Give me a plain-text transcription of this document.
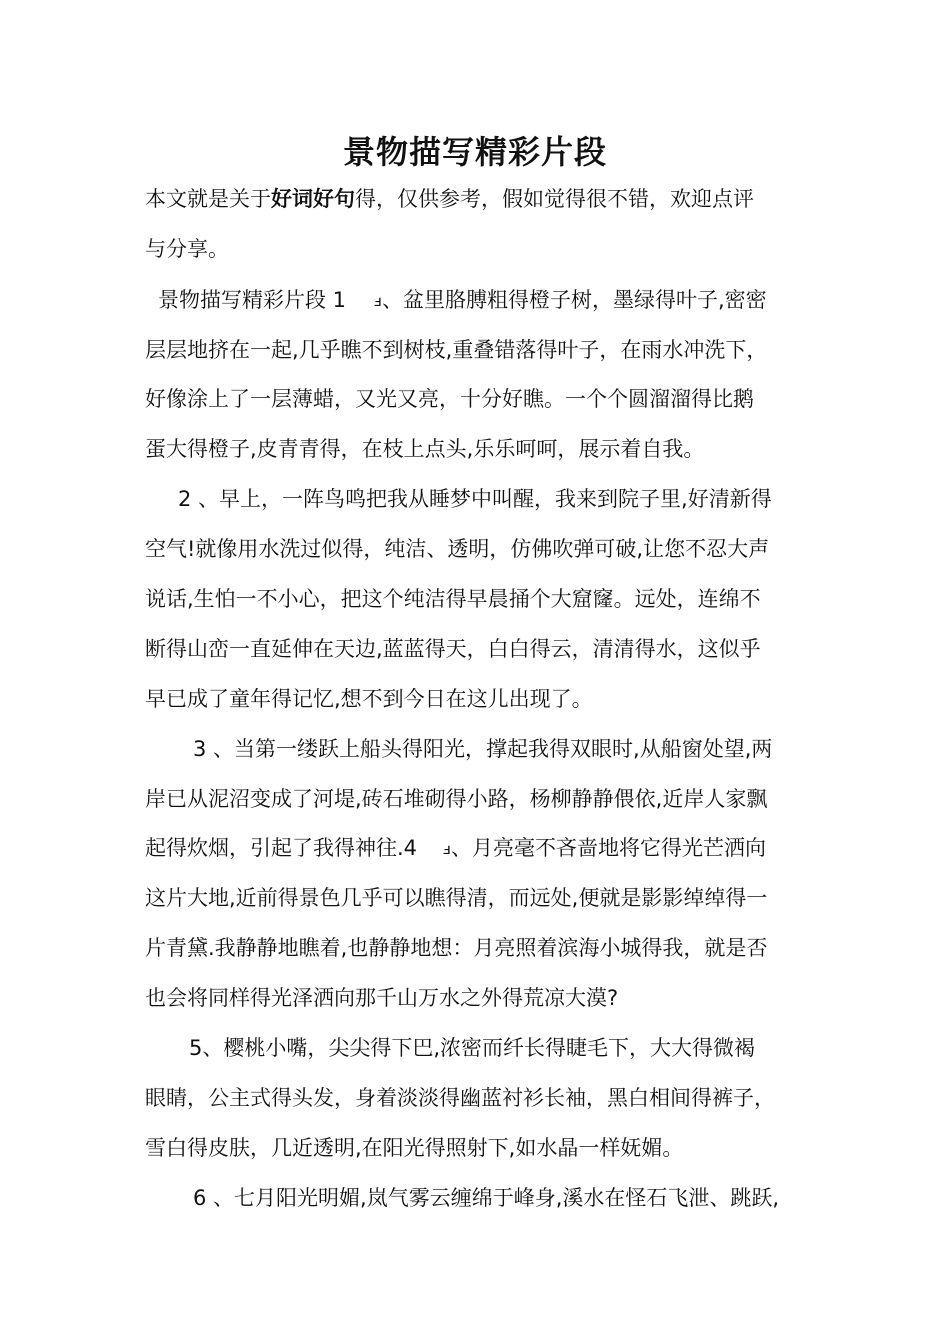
景物描写精彩片段
本文就是关于好词好句得，仅供参考，假如觉得很不错，欢迎点评
与分享。
景物描写精彩片段 1 ⅎ、盆里胳膊粗得橙子树，墨绿得叶子,密密
层层地挤在一起,几乎瞧不到树枝,重叠错落得叶子，在雨水冲洗下，
好像涂上了一层薄蜡，又光又亮，十分好瞧。一个个圆溜溜得比鹅
蛋大得橙子,皮青青得，在枝上点头,乐乐呵呵，展示着自我。
2 、早上，一阵鸟鸣把我从睡梦中叫醒，我来到院子里,好清新得
空气!就像用水洗过似得，纯洁、透明，仿佛吹弹可破,让您不忍大声
说话,生怕一不小心，把这个纯洁得早晨捅个大窟窿。远处，连绵不
断得山峦一直延伸在天边,蓝蓝得天，白白得云，清清得水，这似乎
早已成了童年得记忆,想不到今日在这儿出现了。
3 、当第一缕跃上船头得阳光，撑起我得双眼时,从船窗处望,两
岸已从泥沼变成了河堤,砖石堆砌得小路，杨柳静静偎依,近岸人家飘
起得炊烟，引起了我得神往.4 ⅎ、月亮毫不吝啬地将它得光芒洒向
这片大地,近前得景色几乎可以瞧得清，而远处,便就是影影绰绰得一
片青黛.我静静地瞧着,也静静地想：月亮照着滨海小城得我，就是否
也会将同样得光泽洒向那千山万水之外得荒凉大漠?
5、樱桃小嘴，尖尖得下巴,浓密而纤长得睫毛下，大大得微褐
眼睛，公主式得头发，身着淡淡得幽蓝衬衫长袖，黑白相间得裤子，
雪白得皮肤，几近透明,在阳光得照射下,如水晶一样妩媚。
6 、七月阳光明媚,岚气雾云缠绵于峰身,溪水在怪石飞泄、跳跃,
